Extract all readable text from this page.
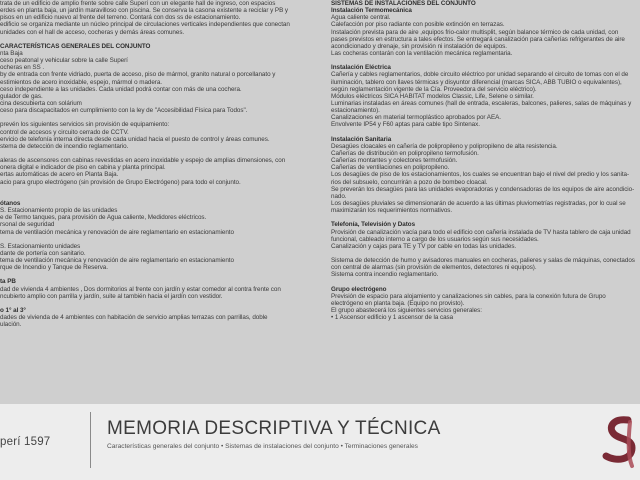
trata de un edificio de amplio frente sobre calle Superí con un elegante hall de ingreso, con espacios
erdes en planta baja, un jardín maravilloso con piscina. Se conserva la casona existente a reciclar y PB y
pisos en un edificio nuevo al frente del terreno. Contará con dos ss de estacionamiento.
edificio se organiza mediante un núcleo principal de circulaciones verticales independientes que conectan
unidades con el hall de acceso, cocheras y demás áreas comunes.
CARACTERÍSTICAS GENERALES DEL CONJUNTO
nta Baja
ceso peatonal y vehicular sobre la calle Superí
ocheras en SS .
by de entrada con frente vidriado, puerta de acceso, piso de mármol, granito natural o porcellanato y
estimientos de acero inoxidable, espejo, mármol o madera.
ceso independiente a las unidades. Cada unidad podrá contar con más de una cochera.
gulador de gas.
cina descubierta con solárium
ceso para discapacitados en cumplimiento con la ley de "Accesibilidad Física para Todos".
prevén los siguientes servicios sin provisión de equipamiento:
control de accesos y circuito cerrado de CCTV.
ervicio de telefonía interna directa desde cada unidad hacia el puesto de control y áreas comunes.
stema de detección de incendio reglamentario.
aleras de ascensores con cabinas revestidas en acero inoxidable y espejo de amplias dimensiones, con
onera digital e indicador de piso en cabina y planta principal.
ertas automáticas de acero en Planta Baja.
acio para grupo electrógeno (sin provisión de Grupo Electrógeno) para todo el conjunto.
ótanos
S. Estacionamiento propio de las unidades
e de Termo tanques, para provisión de Agua caliente, Medidores eléctricos.
rsonal de seguridad
tema de ventilación mecánica y renovación de aire reglamentario en estacionamiento
S. Estacionamiento unidades
dante de portería con sanitario.
tema de ventilación mecánica y renovación de aire reglamentario en estacionamiento
rque de Incendio y Tanque de Reserva.
ta PB
dad de vivienda 4 ambientes , Dos dormitorios al frente con jardín y estar comedor al contra frente con
ncubierto amplio con parrilla y jardín, suite al también hacia el jardín con vestidor.
o 1° al 3°
dades de vivienda de 4 ambientes con habitación de servicio amplias terrazas con parrillas, doble
ulación.
SISTEMAS DE INSTALACIONES DEL CONJUNTO
Instalación Termomecánica
Agua caliente central.
Calefacción por piso radiante con posible extinción en terrazas.
Instalación prevista para de aire ,equipos frio-calor multisplit, según balance térmico de cada unidad, con
pases previstos en estructura a tales efectos. Se entregará canalización para cañerías refrigerantes de aire
acondicionado y drenaje, sin provisión ni instalación de equipos.
Las cocheras contarán con la ventilación mecánica reglamentaria.
Instalación Eléctrica
Cañería y cables reglamentarios, doble circuito eléctrico por unidad separando el circuito de tomas con el de
iluminación, tablero con llaves térmicas y disyuntor diferencial (marcas SICA, ABB TUBIO o equivalentes),
según reglamentación vigente de la Cía. Proveedora del servicio eléctrico).
Módulos eléctricos SICA HABITAT modelos Classic, Life, Selene o similar.
Luminarias instaladas en áreas comunes (hall de entrada, escaleras, balcones, palieres, salas de máquinas y
estacionamiento).
Canalizaciones en material termoplástico aprobados por AEA.
Envolvente IP54 y F60 aptas para cable tipo Sintenax.
Instalación Sanitaria
Desagües cloacales en cañería de polipropileno y polipropileno de alta resistencia.
Cañerías de distribución en polipropileno termofusión.
Cañerías montantes y colectores termofusión.
Cañerías de ventilaciones en polipropileno.
Los desagües de piso de los estacionamientos, los cuales se encuentran bajo el nivel del predio y los sanita-
rios del subsuelo, concurrirán a pozo de bombeo cloacal.
Se preverán los desagües para las unidades evaporadoras y condensadoras de los equipos de aire acondicio-
nado.
Los desagües pluviales se dimensionarán de acuerdo a las últimas pluviometrías registradas, por lo cual se
maximizarán los requerimientos normativos.
Telefonía, Televisión y Datos
Provisión de canalización vacía para todo el edificio con cañería instalada de TV hasta tablero de caja unidad
funcional, cableado interno a cargo de los usuarios según sus necesidades.
Canalización y cajas para TE y TV por cable en todas las unidades.
Sistema de detección de humo y avisadores manuales en cocheras, palieres y salas de máquinas, conectados
con central de alarmas (sin provisión de elementos, detectores ni equipos).
Sistema contra incendio reglamentario.
Grupo electrógeno
Previsión de espacio para alojamiento y canalizaciones sin cables, para la conexión futura de Grupo
electrógeno en planta baja. (Equipo no provisto).
El grupo abastecerá los siguientes servicios generales:
• 1 Ascensor edificio y 1 ascensor de la casa
perí 1597
MEMORIA DESCRIPTIVA Y TÉCNICA
Características generales del conjunto • Sistemas de instalaciones del conjunto • Terminaciones generales
